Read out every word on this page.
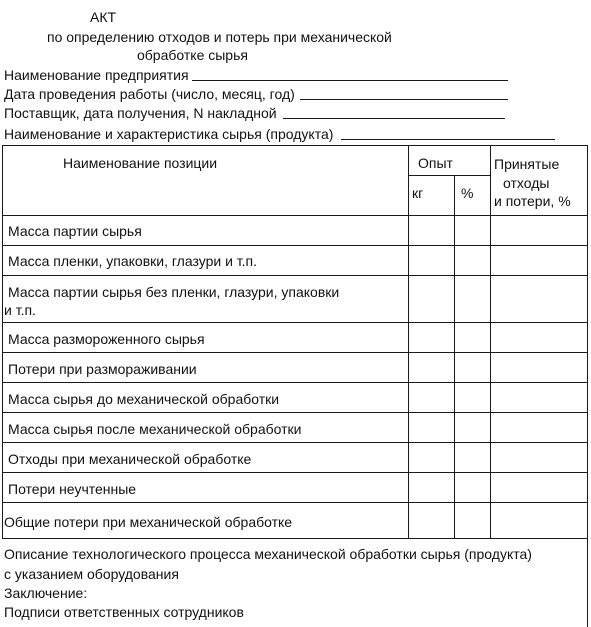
АКТ
по определению отходов и потерь при механической
обработке сырья
Наименование предприятия
Дата проведения работы (число, месяц, год)
Поставщик, дата получения, N накладной
Наименование и характеристика сырья (продукта)
Наименование позиции	Опыт
кг	%
Принятые
отходы
и потери, %
Масса партии сырья
Масса пленки, упаковки, глазури и т.п.
Масса партии сырья без пленки, глазури, упаковки
и т.п.
Масса размороженного сырья
Потери при размораживании
Масса сырья до механической обработки
Масса сырья после механической обработки
Отходы при механической обработке
Потери неучтенные
Общие потери при механической обработке
Описание технологического процесса механической обработки сырья (продукта)
с указанием оборудования
Заключение:
Подписи ответственных сотрудников
